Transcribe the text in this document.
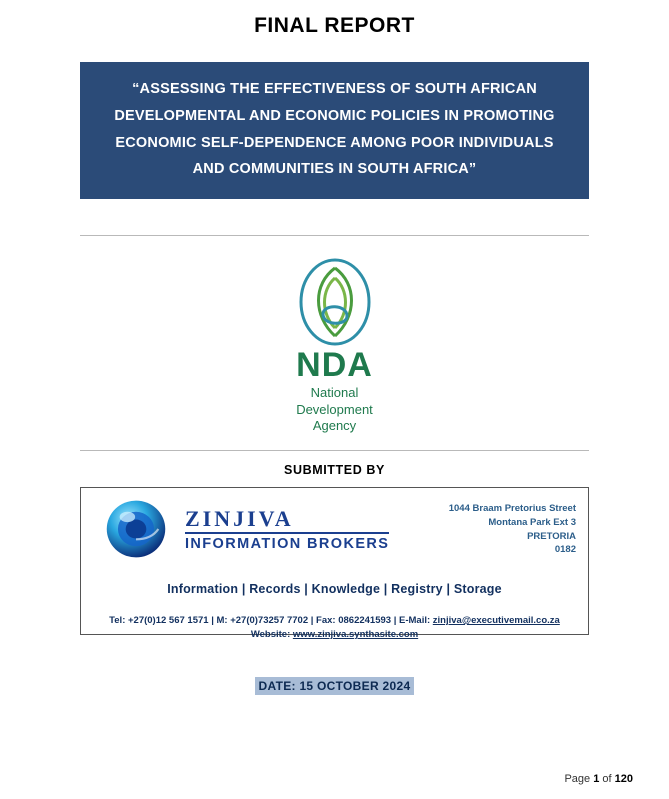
FINAL REPORT
“ASSESSING THE EFFECTIVENESS OF SOUTH AFRICAN DEVELOPMENTAL AND ECONOMIC POLICIES IN PROMOTING ECONOMIC SELF-DEPENDENCE AMONG POOR INDIVIDUALS AND COMMUNITIES IN SOUTH AFRICA”
NDA
National
Development
Agency
SUBMITTED BY
ZINJIVA
INFORMATION BROKERS
1044 Braam Pretorius Street
Montana Park Ext 3
PRETORIA
0182
Information | Records | Knowledge | Registry | Storage
Tel: +27(0)12 567 1571 | M: +27(0)73257 7702 | Fax: 0862241593 | E-Mail: zinjiva@executivemail.co.za
Website: www.zinjiva.synthasite.com
DATE: 15 OCTOBER 2024
Page 1 of 120
